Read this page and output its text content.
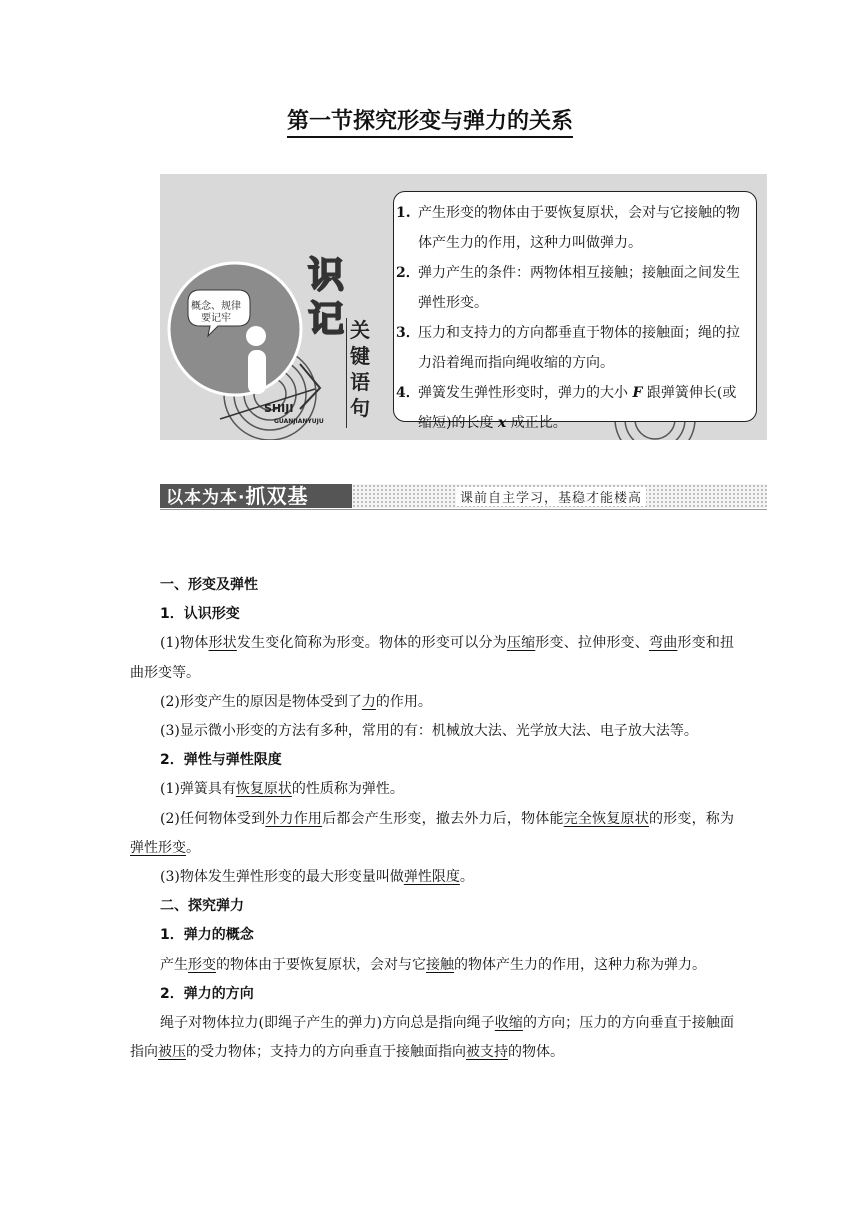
第一节探究形变与弹力的关系
概念、规律
要记牢
识
记 关
键
语
句
SHIJI
GUANJIANYUJU
1. 产生形变的物体由于要恢复原状，会对与它接触的物体产生力的作用，这种力叫做弹力。
2．
弹力产生的条件：两物体相互接触；接触面之间发生弹性形变。
3．
压力和支持力的方向都垂直于物体的接触面；绳的拉力沿着绳而指向绳收缩的方向。
4．
弹簧发生弹性形变时，弹力的大小 F 跟弹簧伸长(或缩短)的长度 x 成正比。
以本为本·抓双基	课前自主学习，基稳才能楼高

一、形变及弹性

1．认识形变

(1)物体形状发生变化简称为形变。物体的形变可以分为压缩形变、拉伸形变、弯曲形变和扭曲形变等。

(2)形变产生的原因是物体受到了力的作用。

(3)显示微小形变的方法有多种，常用的有：机械放大法、光学放大法、电子放大法等。

2．弹性与弹性限度

(1)弹簧具有恢复原状的性质称为弹性。

(2)任何物体受到外力作用后都会产生形变，撤去外力后，物体能完全恢复原状的形变，称为弹性形变。

(3)物体发生弹性形变的最大形变量叫做弹性限度。

二、探究弹力

1．弹力的概念

产生形变的物体由于要恢复原状，会对与它接触的物体产生力的作用，这种力称为弹力。

2．弹力的方向

绳子对物体拉力(即绳子产生的弹力)方向总是指向绳子收缩的方向；压力的方向垂直于接触面指向被压的受力物体；支持力的方向垂直于接触面指向被支持的物体。
